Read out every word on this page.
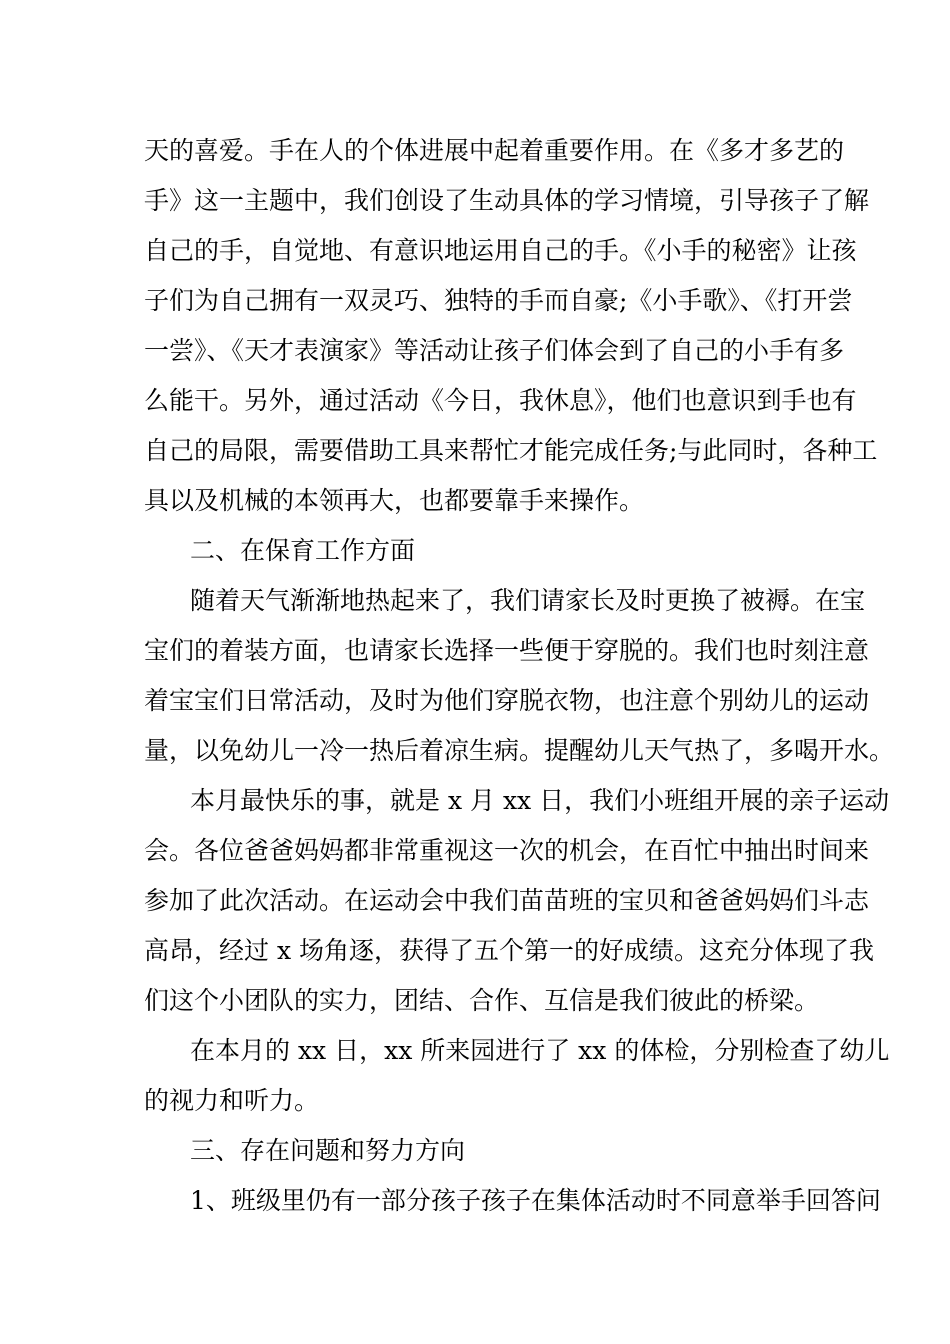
天的喜爱。手在人的个体进展中起着重要作用。在《多才多艺的
手》这一主题中，我们创设了生动具体的学习情境，引导孩子了解
自己的手，自觉地、有意识地运用自己的手。《小手的秘密》让孩
子们为自己拥有一双灵巧、独特的手而自豪;《小手歌》、《打开尝
一尝》、《天才表演家》等活动让孩子们体会到了自己的小手有多
么能干。另外，通过活动《今日，我休息》，他们也意识到手也有
自己的局限，需要借助工具来帮忙才能完成任务;与此同时，各种工
具以及机械的本领再大，也都要靠手来操作。
二、在保育工作方面
随着天气渐渐地热起来了，我们请家长及时更换了被褥。在宝
宝们的着装方面，也请家长选择一些便于穿脱的。我们也时刻注意
着宝宝们日常活动，及时为他们穿脱衣物，也注意个别幼儿的运动
量，以免幼儿一冷一热后着凉生病。提醒幼儿天气热了，多喝开水。
本月最快乐的事，就是 x 月 xx 日，我们小班组开展的亲子运动
会。各位爸爸妈妈都非常重视这一次的机会，在百忙中抽出时间来
参加了此次活动。在运动会中我们苗苗班的宝贝和爸爸妈妈们斗志
高昂，经过 x 场角逐，获得了五个第一的好成绩。这充分体现了我
们这个小团队的实力，团结、合作、互信是我们彼此的桥梁。
在本月的 xx 日，xx 所来园进行了 xx 的体检，分别检查了幼儿
的视力和听力。
三、存在问题和努力方向
1、班级里仍有一部分孩子孩子在集体活动时不同意举手回答问
